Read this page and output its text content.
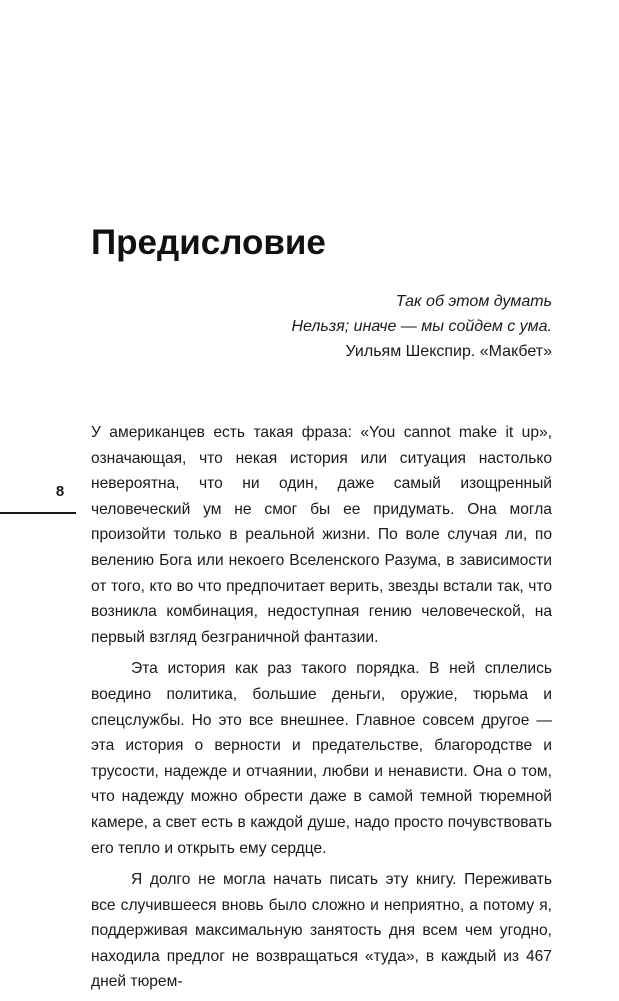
Предисловие
Так об этом думать
Нельзя; иначе — мы сойдем с ума.
Уильям Шекспир. «Макбет»
8

У американцев есть такая фраза: «You cannot make it up», означающая, что некая история или ситуация настолько невероятна, что ни один, даже самый изощренный человеческий ум не смог бы ее придумать. Она могла произойти только в реальной жизни. По воле случая ли, по велению Бога или некоего Вселенского Разума, в зависимости от того, кто во что предпочитает верить, звезды встали так, что возникла комбинация, недоступная гению человеческой, на первый взгляд безграничной фантазии.

Эта история как раз такого порядка. В ней сплелись воедино политика, большие деньги, оружие, тюрьма и спецслужбы. Но это все внешнее. Главное совсем другое — эта история о верности и предательстве, благородстве и трусости, надежде и отчаянии, любви и ненависти. Она о том, что надежду можно обрести даже в самой темной тюремной камере, а свет есть в каждой душе, надо просто почувствовать его тепло и открыть ему сердце.

Я долго не могла начать писать эту книгу. Переживать все случившееся вновь было сложно и неприятно, а потому я, поддерживая максимальную занятость дня всем чем угодно, находила предлог не возвращаться «туда», в каждый из 467 дней тюрем-
